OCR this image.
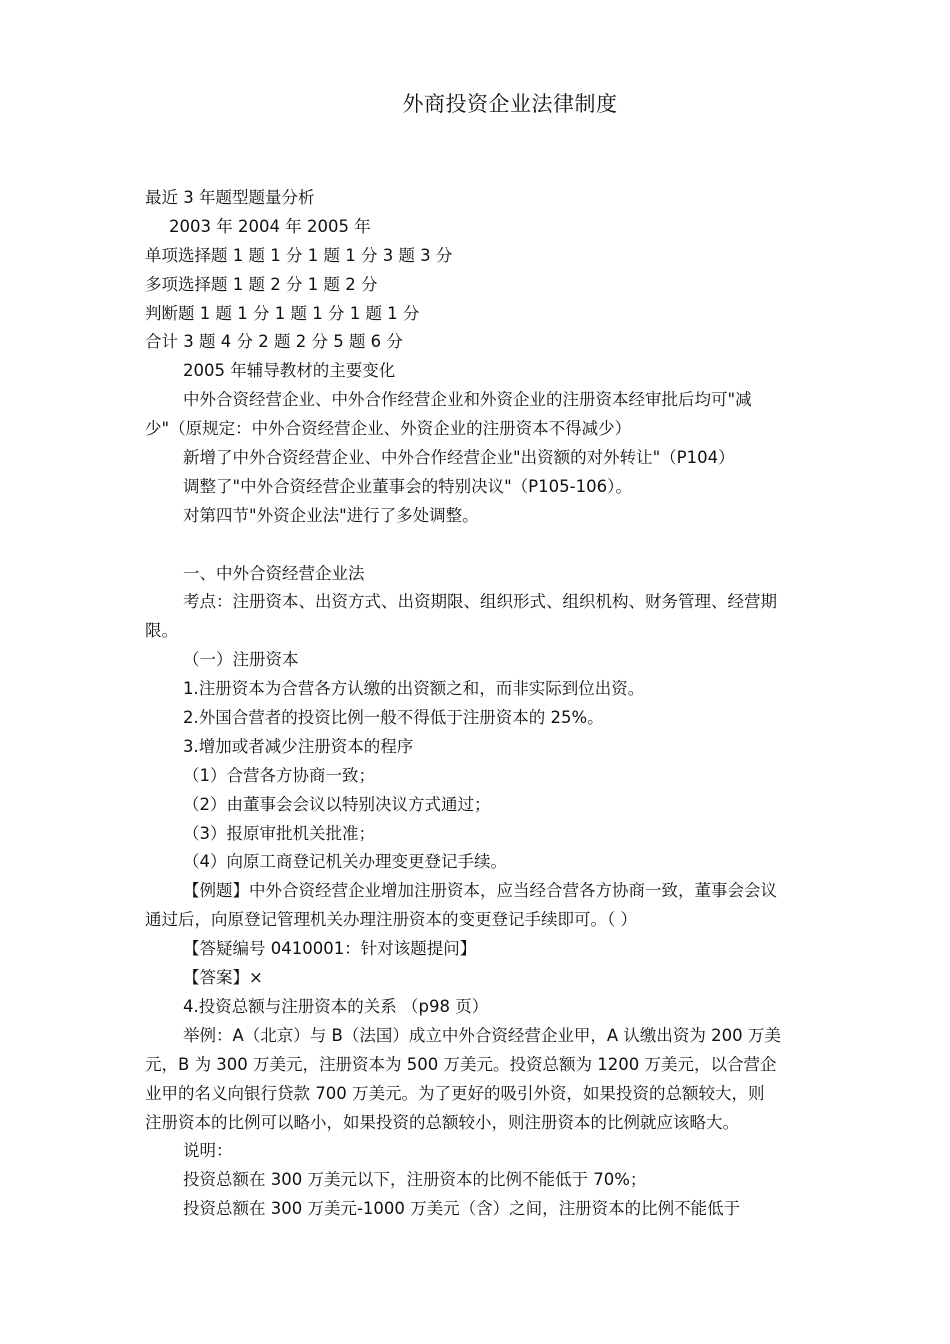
外商投资企业法律制度
最近 3 年题型题量分析
2003 年 2004 年 2005 年
单项选择题 1 题 1 分 1 题 1 分 3 题 3 分
多项选择题 1 题 2 分 1 题 2 分
判断题 1 题 1 分 1 题 1 分 1 题 1 分
合计 3 题 4 分 2 题 2 分 5 题 6 分
2005 年辅导教材的主要变化
中外合资经营企业、中外合作经营企业和外资企业的注册资本经审批后均可"减
少"（原规定：中外合资经营企业、外资企业的注册资本不得减少）
新增了中外合资经营企业、中外合作经营企业"出资额的对外转让"（P104）
调整了"中外合资经营企业董事会的特别决议"（P105-106）。
对第四节"外资企业法"进行了多处调整。
一、中外合资经营企业法
考点：注册资本、出资方式、出资期限、组织形式、组织机构、财务管理、经营期
限。
（一）注册资本
1.注册资本为合营各方认缴的出资额之和，而非实际到位出资。
2.外国合营者的投资比例一般不得低于注册资本的 25%。
3.增加或者减少注册资本的程序
（1）合营各方协商一致；
（2）由董事会会议以特别决议方式通过；
（3）报原审批机关批准；
（4）向原工商登记机关办理变更登记手续。
【例题】中外合资经营企业增加注册资本，应当经合营各方协商一致，董事会会议
通过后，向原登记管理机关办理注册资本的变更登记手续即可。（ ）
【答疑编号 0410001：针对该题提问】
【答案】×
4.投资总额与注册资本的关系 （p98 页）
举例：A（北京）与 B（法国）成立中外合资经营企业甲，A 认缴出资为 200 万美
元，B 为 300 万美元，注册资本为 500 万美元。投资总额为 1200 万美元，以合营企
业甲的名义向银行贷款 700 万美元。为了更好的吸引外资，如果投资的总额较大，则
注册资本的比例可以略小，如果投资的总额较小，则注册资本的比例就应该略大。
说明：
投资总额在 300 万美元以下，注册资本的比例不能低于 70%；
投资总额在 300 万美元-1000 万美元（含）之间，注册资本的比例不能低于
